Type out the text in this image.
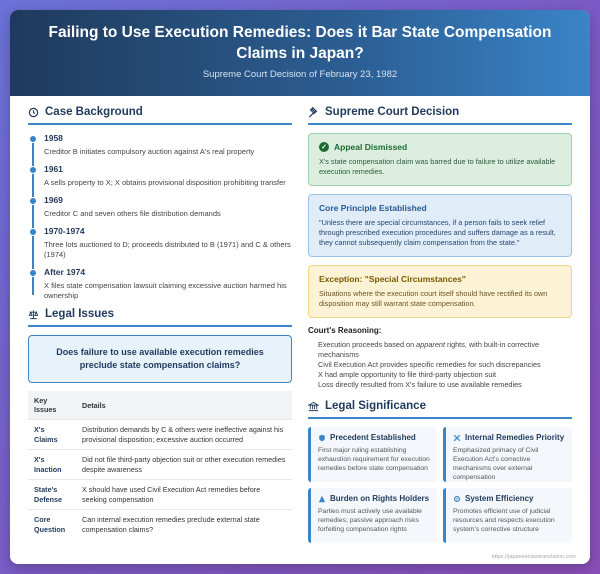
Failing to Use Execution Remedies: Does it Bar State Compensation Claims in Japan?
Supreme Court Decision of February 23, 1982
Case Background
1958
Creditor B initiates compulsory auction against A's real property
1961
A sells property to X; X obtains provisional disposition prohibiting transfer
1969
Creditor C and seven others file distribution demands
1970-1974
Three lots auctioned to D; proceeds distributed to B (1971) and C & others (1974)
After 1974
X files state compensation lawsuit claiming excessive auction harmed his ownership
Legal Issues
Does failure to use available execution remedies preclude state compensation claims?
Key Issues	Details
X's Claims	Distribution demands by C & others were ineffective against his provisional disposition; excessive auction occurred
X's Inaction	Did not file third-party objection suit or other execution remedies despite awareness
State's Defense	X should have used Civil Execution Act remedies before seeking compensation
Core Question	Can internal execution remedies preclude external state compensation claims?
Supreme Court Decision
✓ Appeal Dismissed
X's state compensation claim was barred due to failure to utilize available execution remedies.
Core Principle Established
"Unless there are special circumstances, if a person fails to seek relief through prescribed execution procedures and suffers damage as a result, they cannot subsequently claim compensation from the state."
Exception: "Special Circumstances"
Situations where the execution court itself should have rectified its own disposition may still warrant state compensation.
Court's Reasoning:
Execution proceeds based on apparent rights, with built-in corrective mechanisms
Civil Execution Act provides specific remedies for such discrepancies
X had ample opportunity to file third-party objection suit
Loss directly resulted from X's failure to use available remedies
Legal Significance
Precedent Established
First major ruling establishing exhaustion requirement for execution remedies before state compensation
Internal Remedies Priority
Emphasized primacy of Civil Execution Act's corrective mechanisms over external compensation
Burden on Rights Holders
Parties must actively use available remedies; passive approach risks forfeiting compensation rights
System Efficiency
Promotes efficient use of judicial resources and respects execution system's corrective structure
https://japaneselawtranslation.com
